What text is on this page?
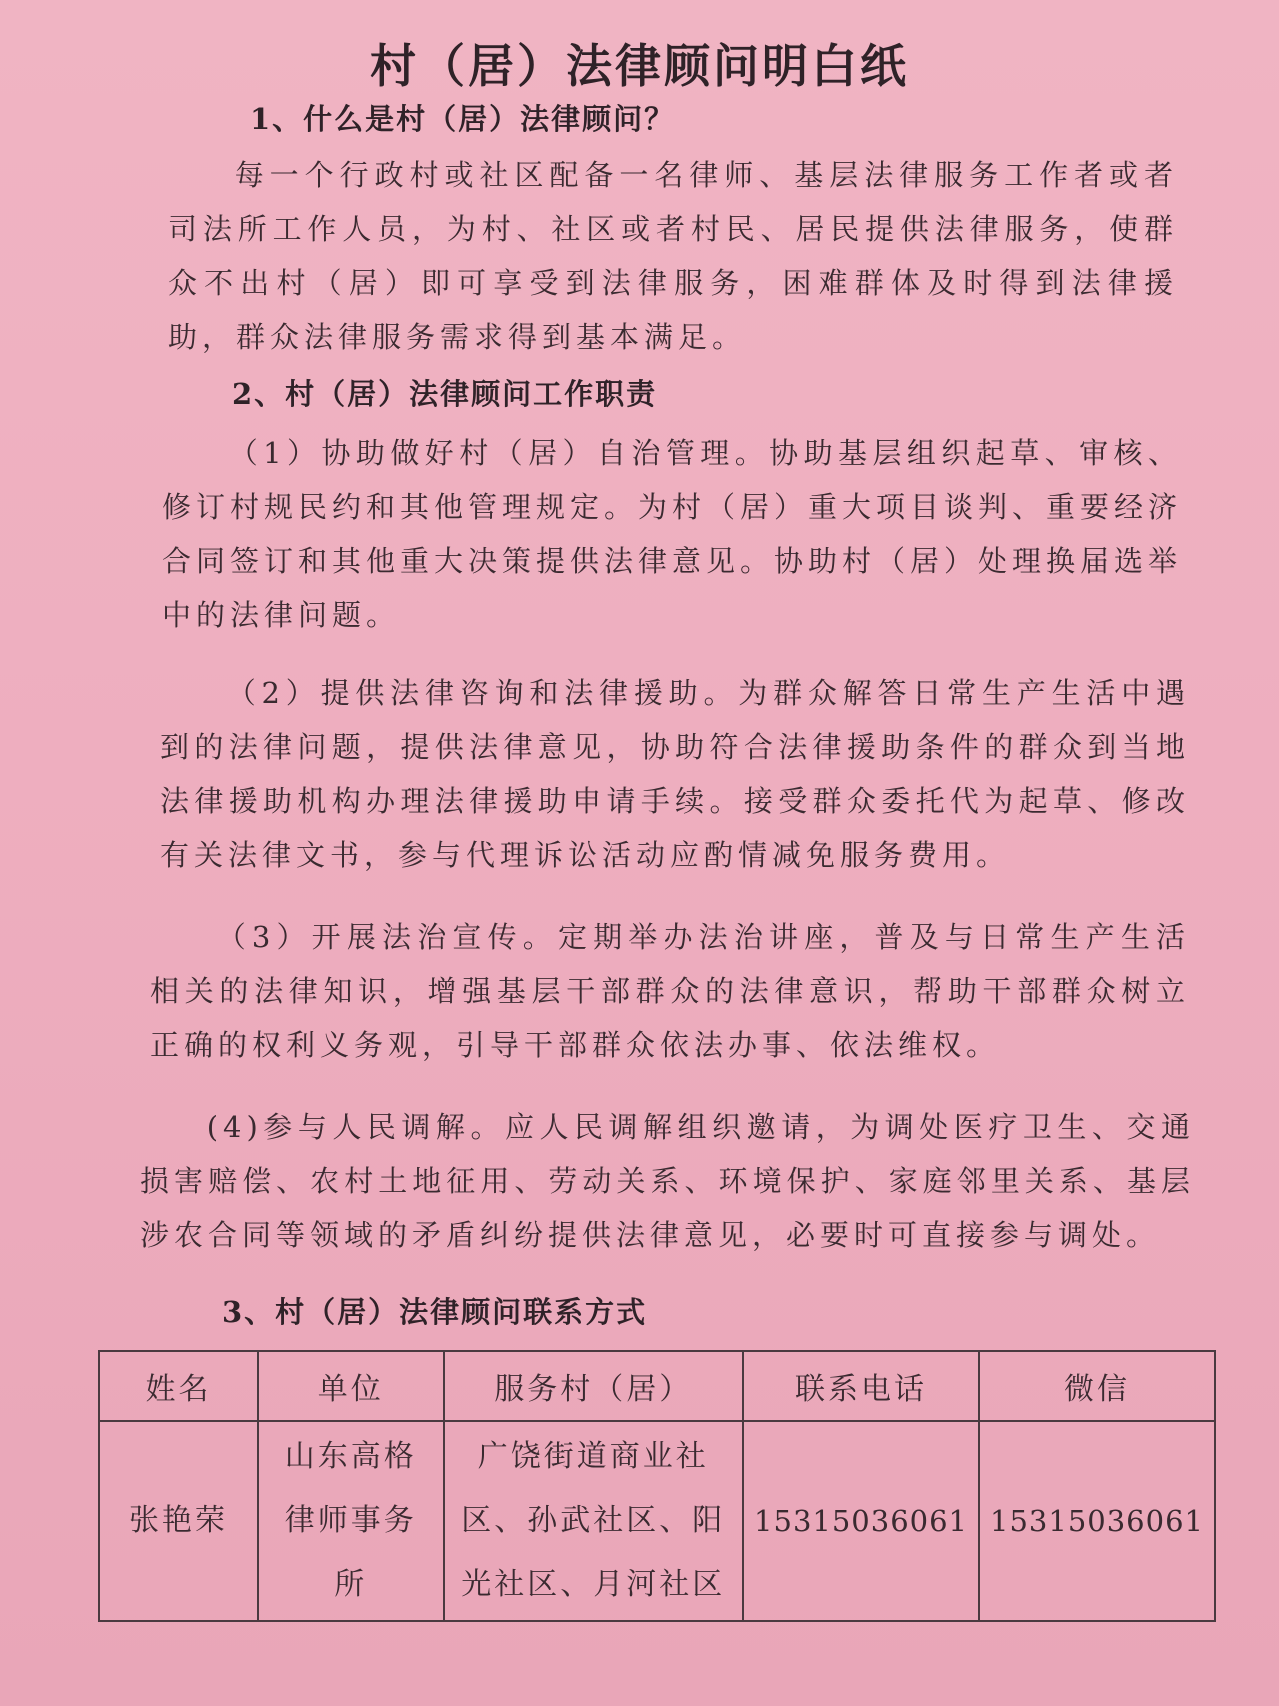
村（居）法律顾问明白纸
1、什么是村（居）法律顾问？
每一个行政村或社区配备一名律师、基层法律服务工作者或者司法所工作人员，为村、社区或者村民、居民提供法律服务，使群众不出村（居）即可享受到法律服务，困难群体及时得到法律援助，群众法律服务需求得到基本满足。
2、村（居）法律顾问工作职责
（1）协助做好村（居）自治管理。协助基层组织起草、审核、修订村规民约和其他管理规定。为村（居）重大项目谈判、重要经济合同签订和其他重大决策提供法律意见。协助村（居）处理换届选举中的法律问题。
（2）提供法律咨询和法律援助。为群众解答日常生产生活中遇到的法律问题，提供法律意见，协助符合法律援助条件的群众到当地法律援助机构办理法律援助申请手续。接受群众委托代为起草、修改有关法律文书，参与代理诉讼活动应酌情减免服务费用。
（3）开展法治宣传。定期举办法治讲座，普及与日常生产生活相关的法律知识，增强基层干部群众的法律意识，帮助干部群众树立正确的权利义务观，引导干部群众依法办事、依法维权。
(4)参与人民调解。应人民调解组织邀请，为调处医疗卫生、交通损害赔偿、农村土地征用、劳动关系、环境保护、家庭邻里关系、基层涉农合同等领域的矛盾纠纷提供法律意见，必要时可直接参与调处。
3、村（居）法律顾问联系方式
姓名	单位	服务村（居）	联系电话	微信
张艳荣	山东高格律师事务所	广饶街道商业社区、孙武社区、阳光社区、月河社区	15315036061	15315036061
